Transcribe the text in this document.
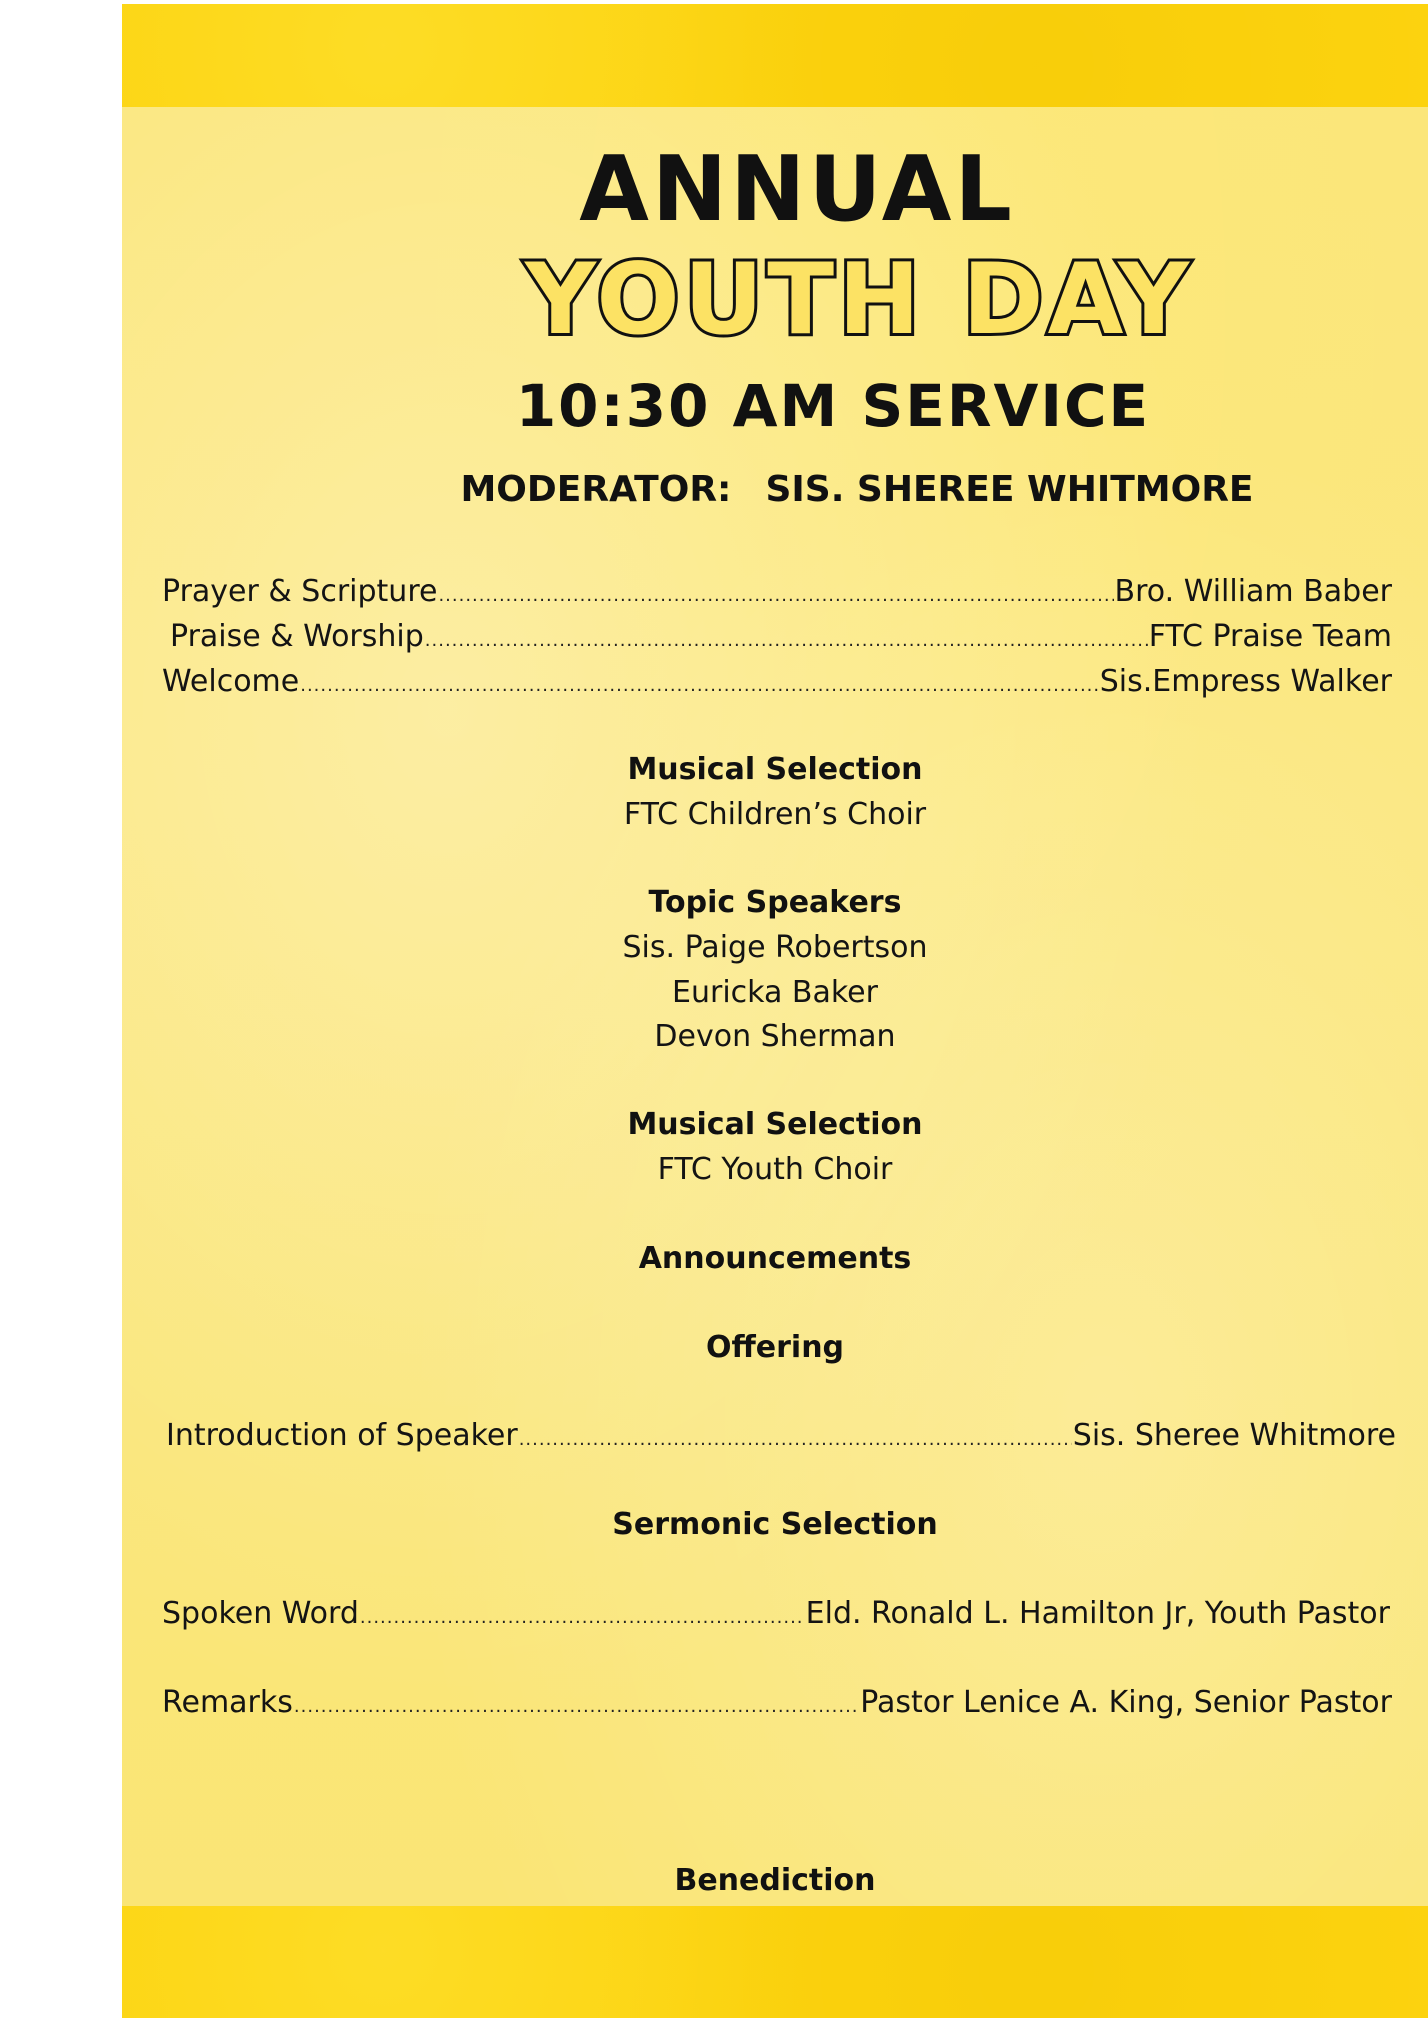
ANNUAL
YOUTH DAY
10:30 AM SERVICE
MODERATOR: SIS. SHEREE WHITMORE
Prayer & Scripture .....	Bro. William Baber
Praise & Worship .....	FTC Praise Team
Welcome .....	Sis.Empress Walker
Musical Selection
FTC Children’s Choir
Topic Speakers
Sis. Paige Robertson
Euricka Baker
Devon Sherman
Musical Selection
FTC Youth Choir
Announcements
Offering
Introduction of Speaker .....	Sis. Sheree Whitmore
Sermonic Selection
Spoken Word .....	Eld. Ronald L. Hamilton Jr, Youth Pastor
Remarks .....	Pastor Lenice A. King, Senior Pastor
Benediction
